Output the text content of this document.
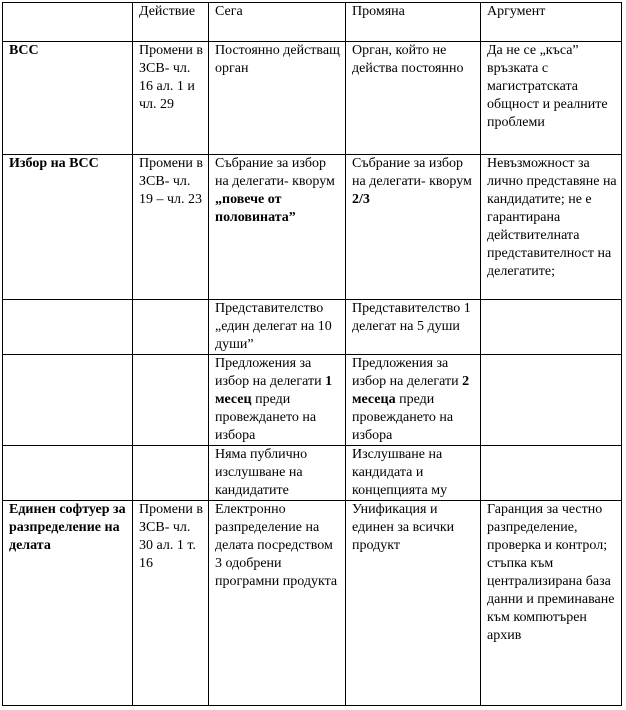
	Действие	Сега	Промяна	Аргумент
ВСС	Промени в ЗСВ- чл. 16 ал. 1 и чл. 29	Постоянно действащ орган	Орган, който не действа постоянно	Да не се „къса” връзката с магистратската общност и реалните проблеми
Избор на ВСС	Промени в ЗСВ- чл. 19 – чл. 23	Събрание за избор на делегати- кворум „повече от половината”	Събрание за избор на делегати- кворум 2/3	Невъзможност за лично представяне на кандидатите; не е гарантирана действителната представителност на делегатите;
		Представителство „един делегат на 10 души”	Представителство 1 делегат на 5 души	
		Предложения за избор на делегати 1 месец преди провеждането на избора	Предложения за избор на делегати 2 месеца преди провеждането на избора	
		Няма публично изслушване на кандидатите	Изслушване на кандидата и концепцията му	
Единен софтуер за разпределение на делата	Промени в ЗСВ- чл. 30 ал. 1 т. 16	Електронно разпределение на делата посредством 3 одобрени програмни продукта	Унификация и единен за всички продукт	Гаранция за честно разпределение, проверка и контрол; стъпка към централизирана база данни и преминаване към компютърен архив
